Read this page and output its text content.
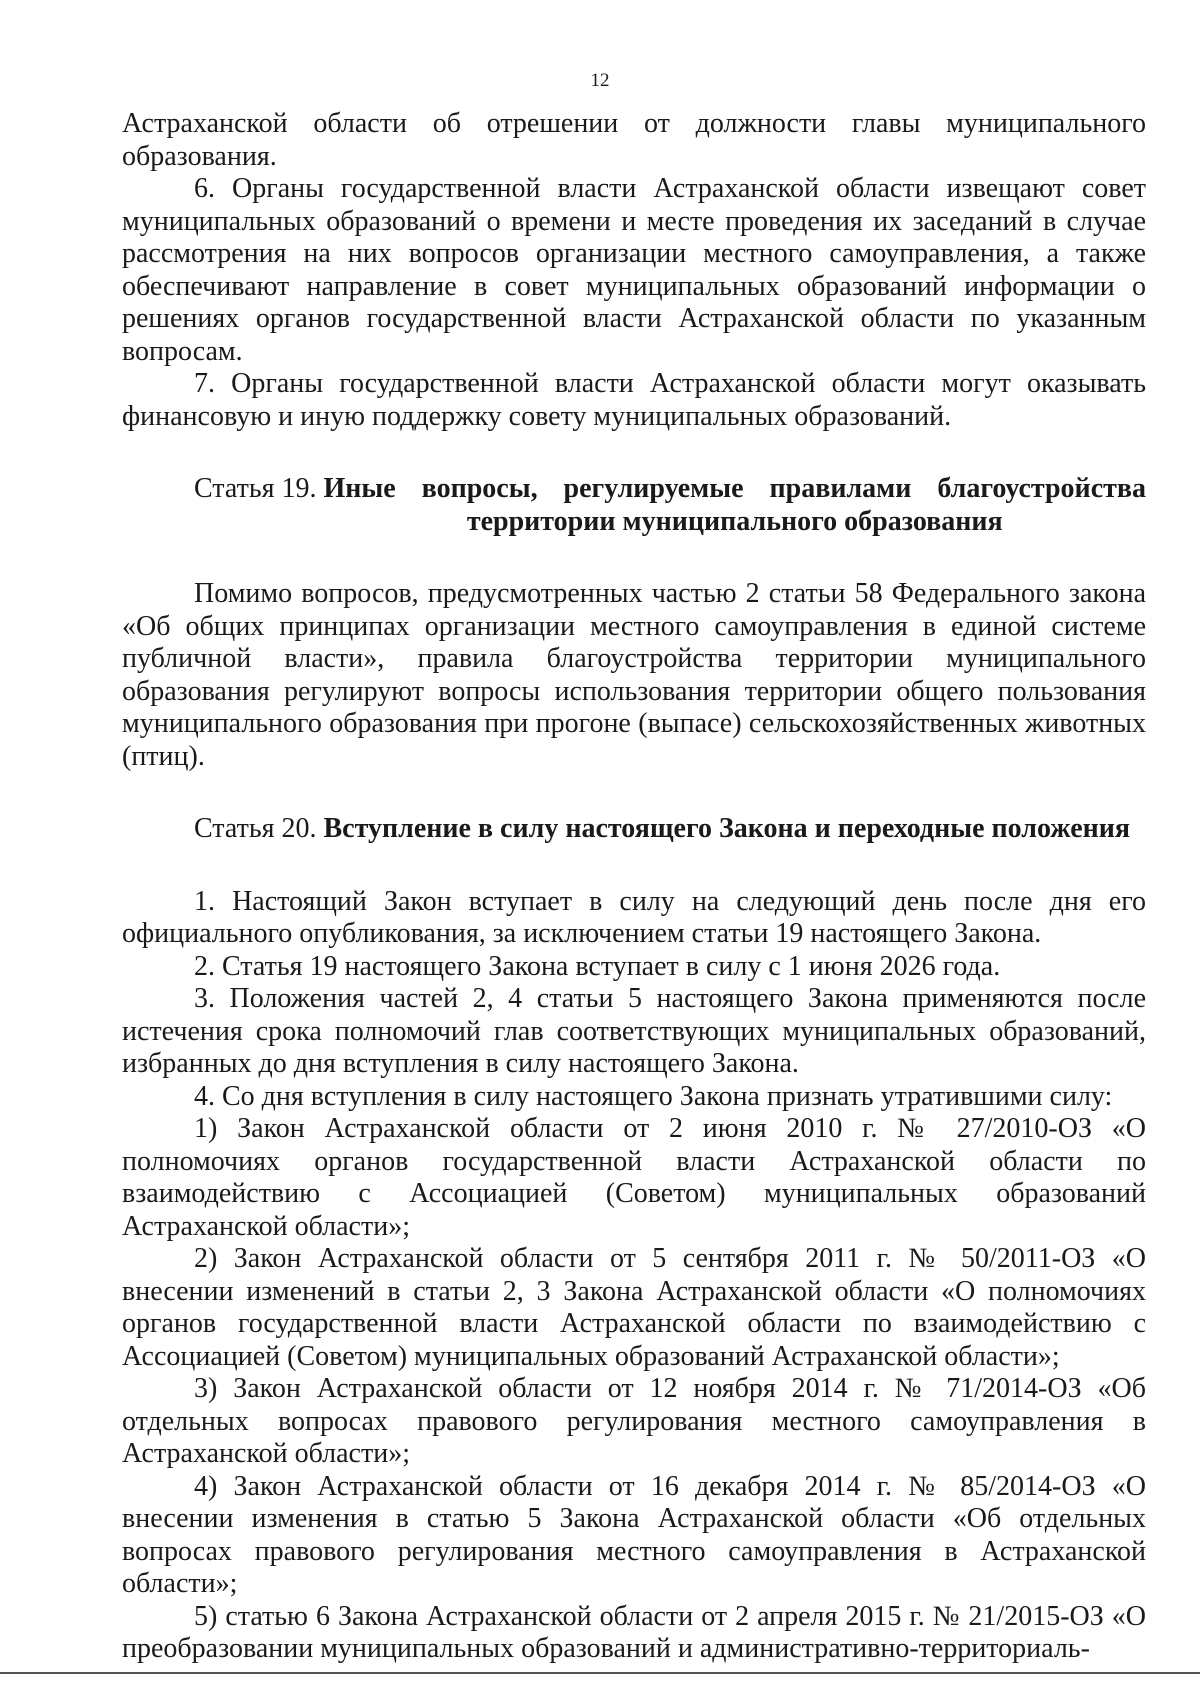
12

Астраханской области об отрешении от должности главы муниципального образования.

6. Органы государственной власти Астраханской области извещают совет муниципальных образований о времени и месте проведения их заседаний в случае рассмотрения на них вопросов организации местного самоуправления, а также обеспечивают направление в совет муниципальных образований информации о решениях органов государственной власти Астраханской области по указанным вопросам.

7. Органы государственной власти Астраханской области могут оказывать финансовую и иную поддержку совету муниципальных образований.

Статья 19. Иные вопросы, регулируемые правилами благоустройства территории муниципального образования

Помимо вопросов, предусмотренных частью 2 статьи 58 Федерального закона «Об общих принципах организации местного самоуправления в единой системе публичной власти», правила благоустройства территории муниципального образования регулируют вопросы использования территории общего пользования муниципального образования при прогоне (выпасе) сельскохозяйственных животных (птиц).

Статья 20. Вступление в силу настоящего Закона и переходные положения

1. Настоящий Закон вступает в силу на следующий день после дня его официального опубликования, за исключением статьи 19 настоящего Закона.

2. Статья 19 настоящего Закона вступает в силу с 1 июня 2026 года.

3. Положения частей 2, 4 статьи 5 настоящего Закона применяются после истечения срока полномочий глав соответствующих муниципальных образований, избранных до дня вступления в силу настоящего Закона.

4. Со дня вступления в силу настоящего Закона признать утратившими силу:

1) Закон Астраханской области от 2 июня 2010 г. № 27/2010-ОЗ «О полномочиях органов государственной власти Астраханской области по взаимодействию с Ассоциацией (Советом) муниципальных образований Астраханской области»;

2) Закон Астраханской области от 5 сентября 2011 г. № 50/2011-ОЗ «О внесении изменений в статьи 2, 3 Закона Астраханской области «О полномочиях органов государственной власти Астраханской области по взаимодействию с Ассоциацией (Советом) муниципальных образований Астраханской области»;

3) Закон Астраханской области от 12 ноября 2014 г. № 71/2014-ОЗ «Об отдельных вопросах правового регулирования местного самоуправления в Астраханской области»;

4) Закон Астраханской области от 16 декабря 2014 г. № 85/2014-ОЗ «О внесении изменения в статью 5 Закона Астраханской области «Об отдельных вопросах правового регулирования местного самоуправления в Астраханской области»;

5) статью 6 Закона Астраханской области от 2 апреля 2015 г. № 21/2015-ОЗ «О преобразовании муниципальных образований и административно-территориаль-
